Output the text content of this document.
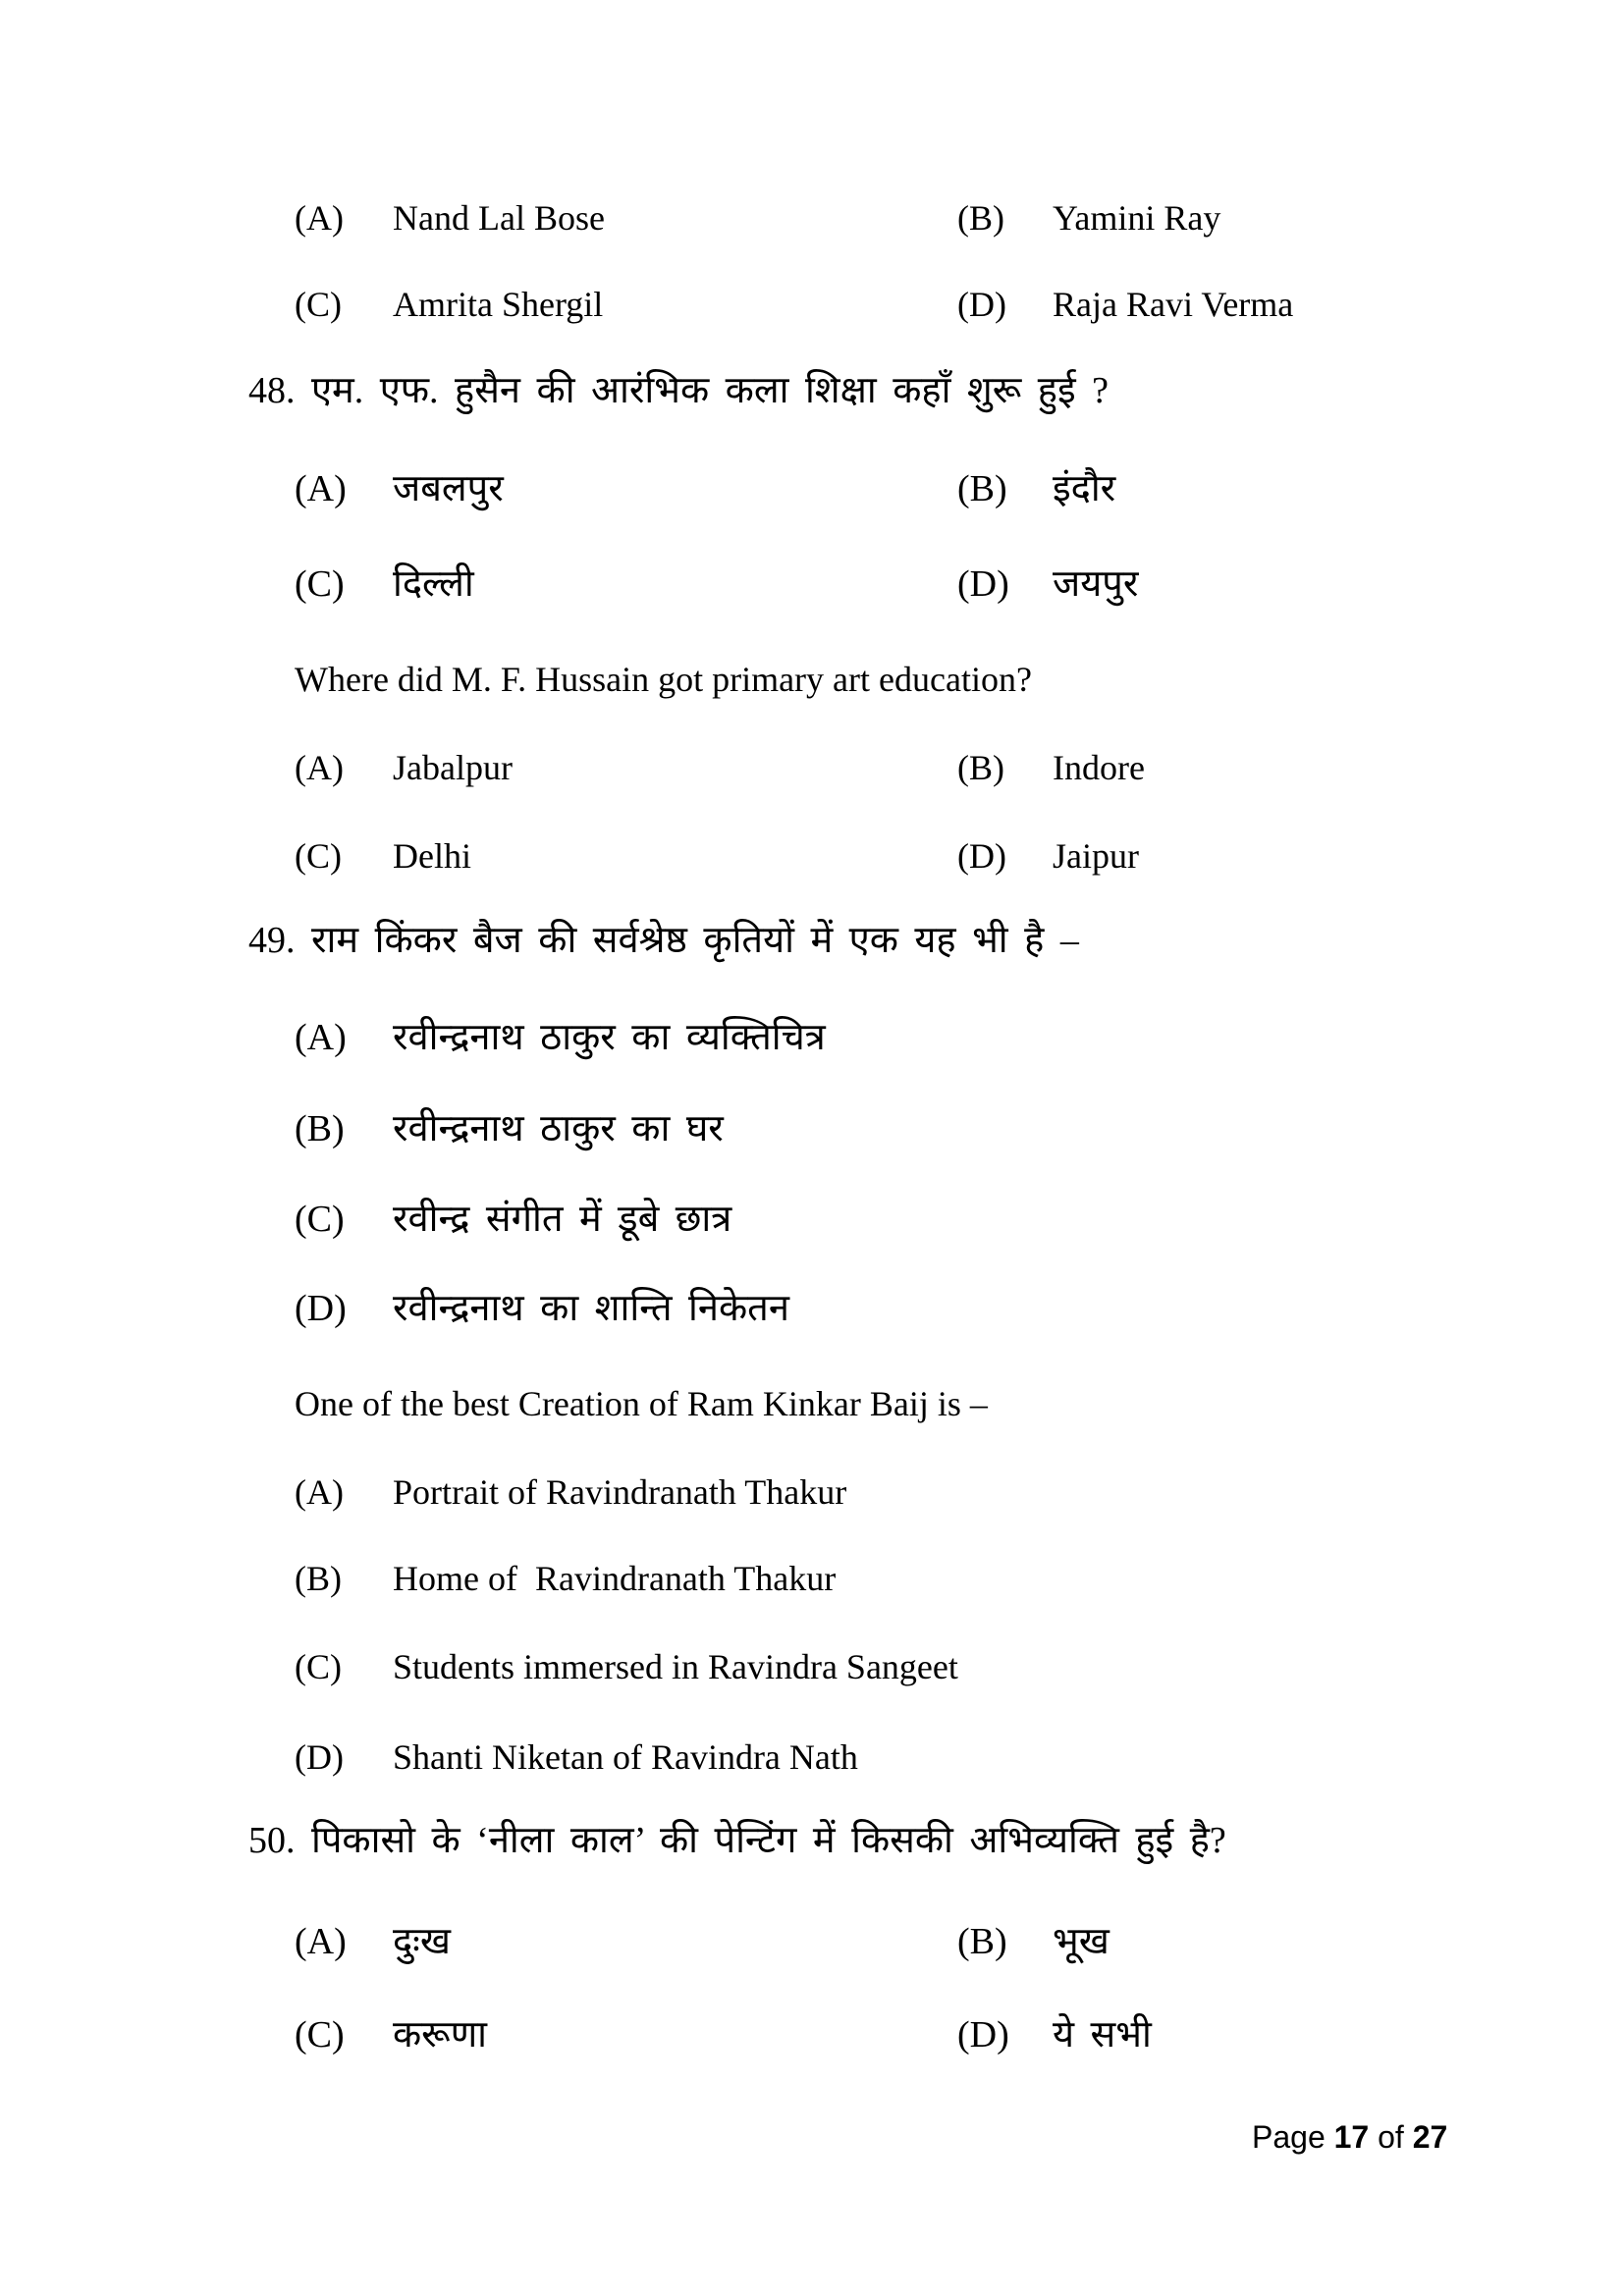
(A) Nand Lal Bose	(B) Yamini Ray
(C) Amrita Shergil	(D) Raja Ravi Verma
48. एम. एफ. हुसैन की आरंभिक कला शिक्षा कहाँ शुरू हुई ?
(A) जबलपुर	(B) इंदौर
(C) दिल्ली	(D) जयपुर
Where did M. F. Hussain got primary art education?
(A) Jabalpur	(B) Indore
(C) Delhi	(D) Jaipur
49. राम किंकर बैज की सर्वश्रेष्ठ कृतियों में एक यह भी है –
(A) रवीन्द्रनाथ ठाकुर का व्यक्तिचित्र
(B) रवीन्द्रनाथ ठाकुर का घर
(C) रवीन्द्र संगीत में डूबे छात्र
(D) रवीन्द्रनाथ का शान्ति निकेतन
One of the best Creation of Ram Kinkar Baij is –
(A) Portrait of Ravindranath Thakur
(B) Home of  Ravindranath Thakur
(C) Students immersed in Ravindra Sangeet
(D) Shanti Niketan of Ravindra Nath
50. पिकासो के ‘नीला काल’ की पेन्टिंग में किसकी अभिव्यक्ति हुई है?
(A) दुःख	(B) भूख
(C) करूणा	(D) ये सभी
Page 17 of 27
